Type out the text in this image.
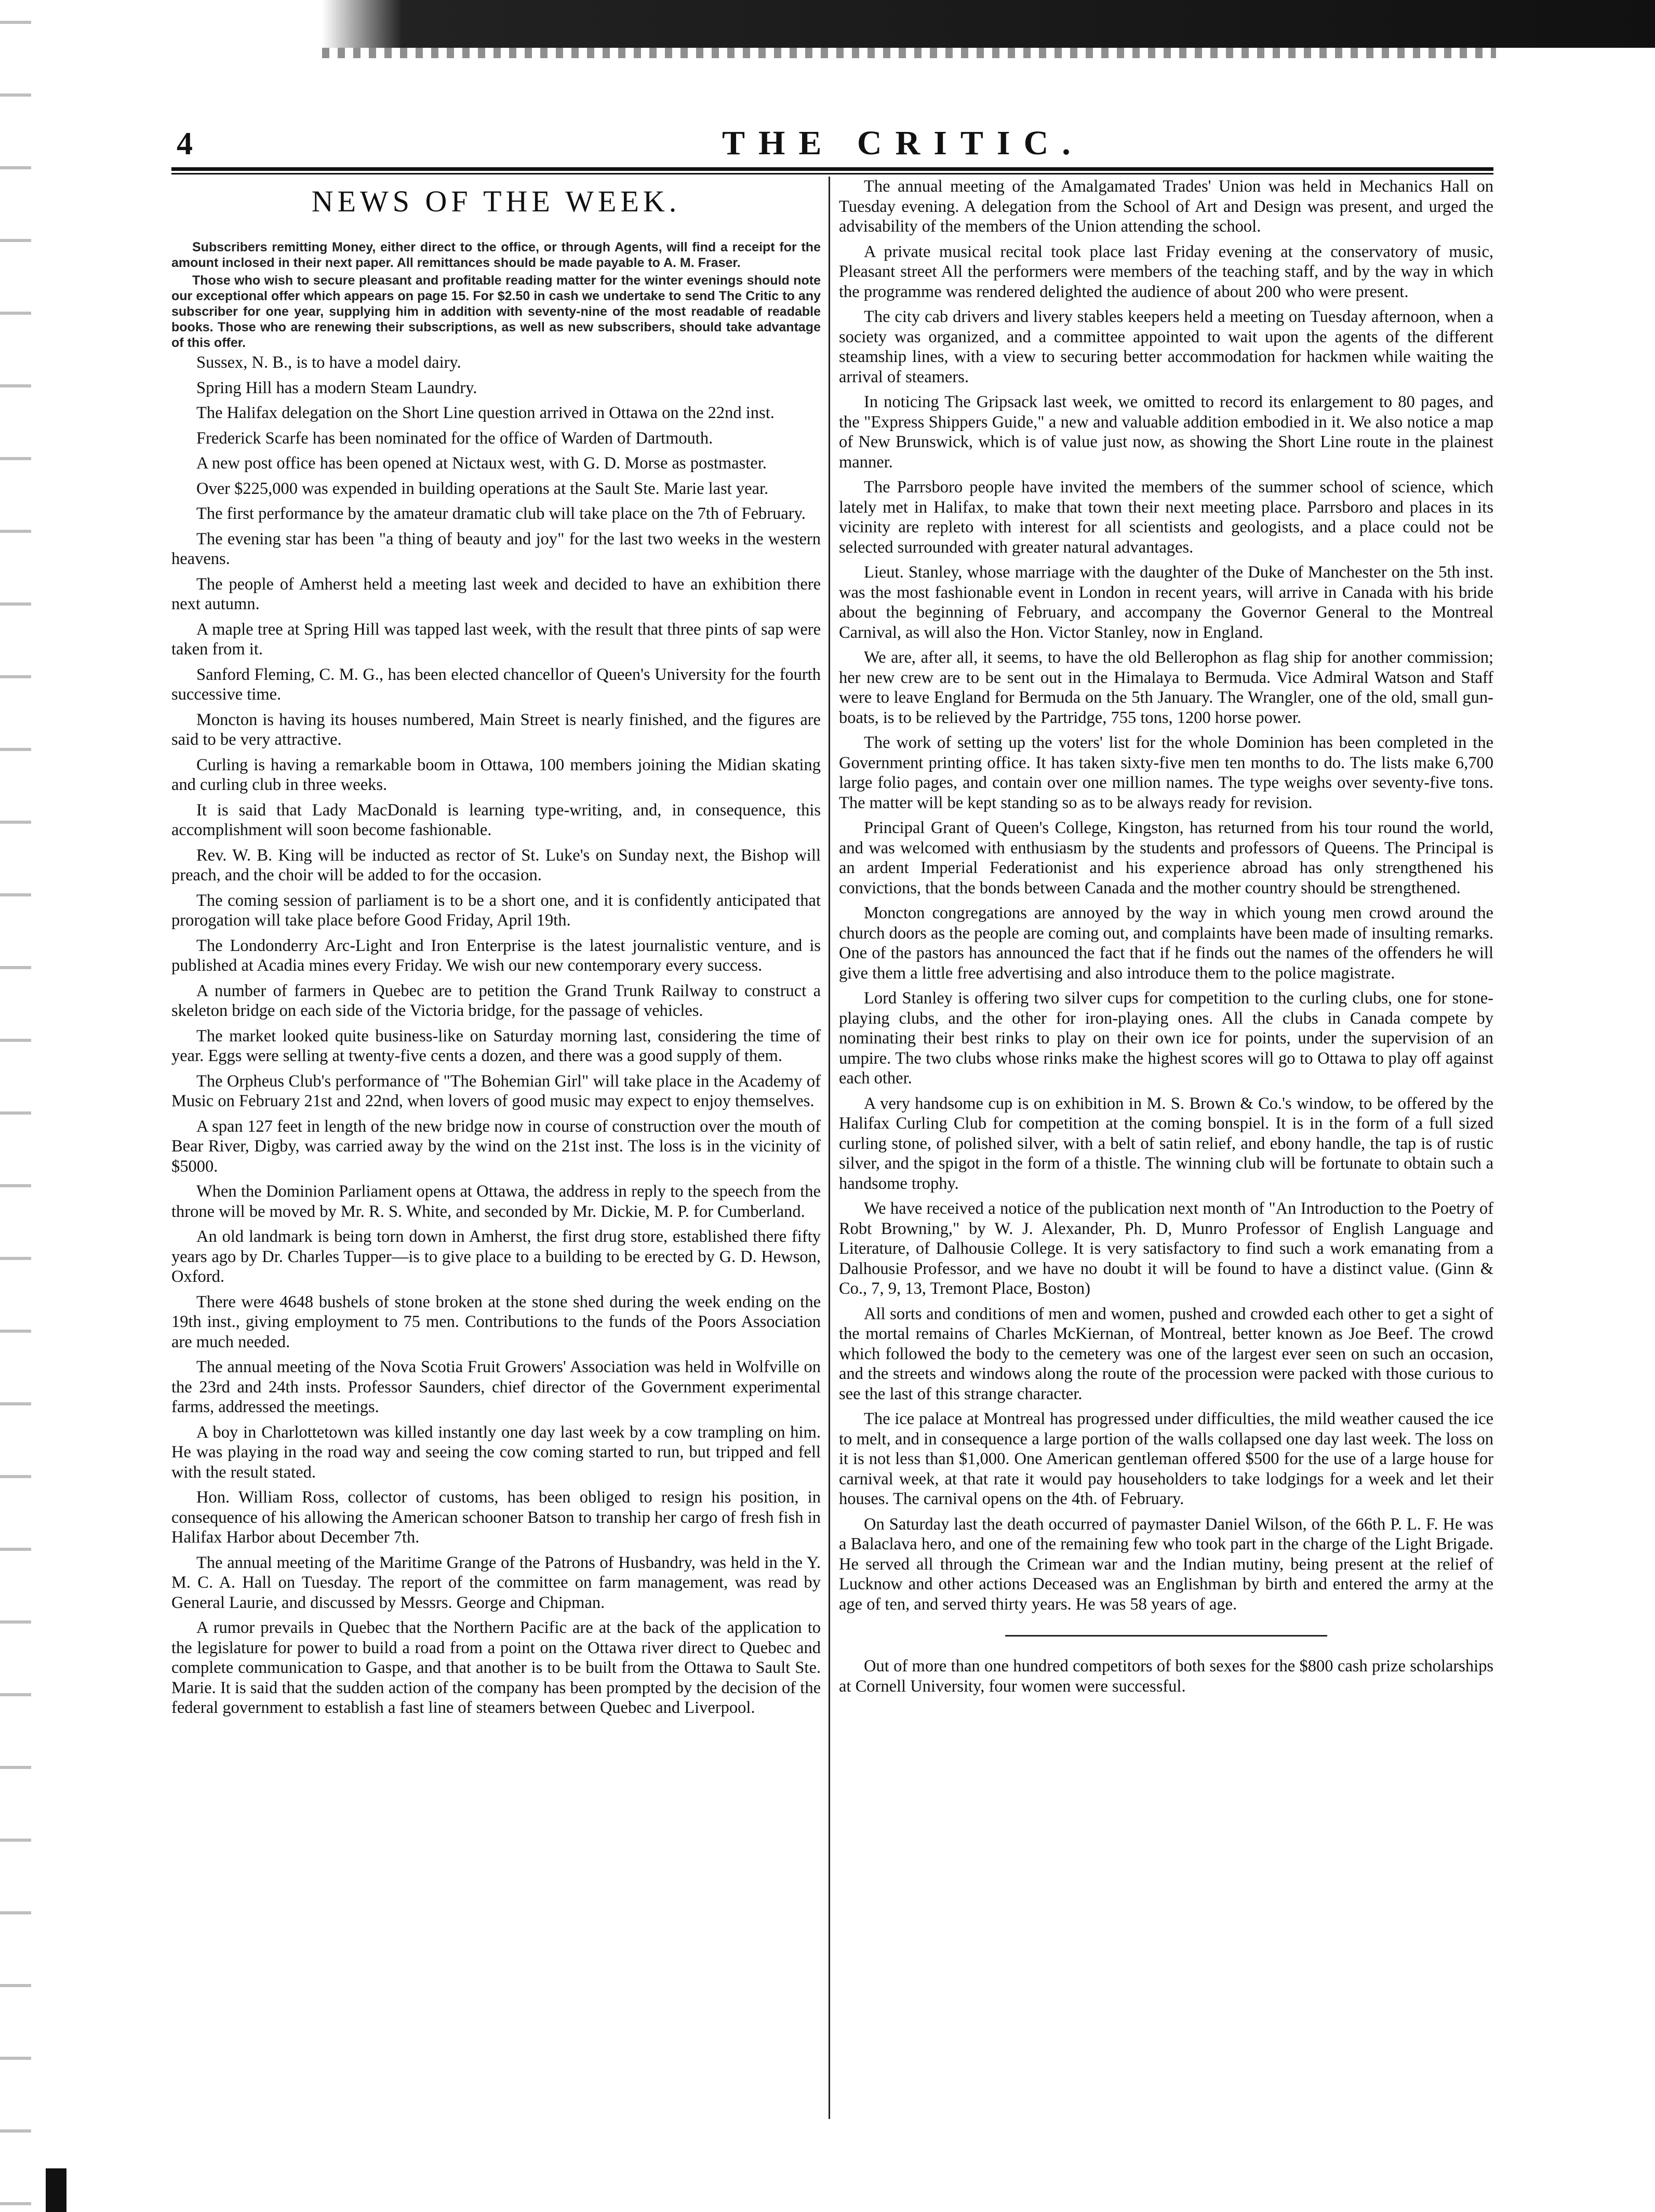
4	THE CRITIC.
NEWS OF THE WEEK.

Subscribers remitting Money, either direct to the office, or through Agents, will find a receipt for the amount inclosed in their next paper. All remittances should be made payable to A. M. Fraser.

Those who wish to secure pleasant and profitable reading matter for the winter evenings should note our exceptional offer which appears on page 15. For $2.50 in cash we undertake to send The Critic to any subscriber for one year, supplying him in addition with seventy-nine of the most readable of readable books. Those who are renewing their subscriptions, as well as new subscribers, should take advantage of this offer.

Sussex, N. B., is to have a model dairy.

Spring Hill has a modern Steam Laundry.

The Halifax delegation on the Short Line question arrived in Ottawa on the 22nd inst.

Frederick Scarfe has been nominated for the office of Warden of Dartmouth.

A new post office has been opened at Nictaux west, with G. D. Morse as postmaster.

Over $225,000 was expended in building operations at the Sault Ste. Marie last year.

The first performance by the amateur dramatic club will take place on the 7th of February.

The evening star has been "a thing of beauty and joy" for the last two weeks in the western heavens.

The people of Amherst held a meeting last week and decided to have an exhibition there next autumn.

A maple tree at Spring Hill was tapped last week, with the result that three pints of sap were taken from it.

Sanford Fleming, C. M. G., has been elected chancellor of Queen's University for the fourth successive time.

Moncton is having its houses numbered, Main Street is nearly finished, and the figures are said to be very attractive.

Curling is having a remarkable boom in Ottawa, 100 members joining the Midian skating and curling club in three weeks.

It is said that Lady MacDonald is learning type-writing, and, in consequence, this accomplishment will soon become fashionable.

Rev. W. B. King will be inducted as rector of St. Luke's on Sunday next, the Bishop will preach, and the choir will be added to for the occasion.

The coming session of parliament is to be a short one, and it is confidently anticipated that prorogation will take place before Good Friday, April 19th.

The Londonderry Arc-Light and Iron Enterprise is the latest journalistic venture, and is published at Acadia mines every Friday. We wish our new contemporary every success.

A number of farmers in Quebec are to petition the Grand Trunk Railway to construct a skeleton bridge on each side of the Victoria bridge, for the passage of vehicles.

The market looked quite business-like on Saturday morning last, considering the time of year. Eggs were selling at twenty-five cents a dozen, and there was a good supply of them.

The Orpheus Club's performance of "The Bohemian Girl" will take place in the Academy of Music on February 21st and 22nd, when lovers of good music may expect to enjoy themselves.

A span 127 feet in length of the new bridge now in course of construction over the mouth of Bear River, Digby, was carried away by the wind on the 21st inst. The loss is in the vicinity of $5000.

When the Dominion Parliament opens at Ottawa, the address in reply to the speech from the throne will be moved by Mr. R. S. White, and seconded by Mr. Dickie, M. P. for Cumberland.

An old landmark is being torn down in Amherst, the first drug store, established there fifty years ago by Dr. Charles Tupper—is to give place to a building to be erected by G. D. Hewson, Oxford.

There were 4648 bushels of stone broken at the stone shed during the week ending on the 19th inst., giving employment to 75 men. Contributions to the funds of the Poors Association are much needed.

The annual meeting of the Nova Scotia Fruit Growers' Association was held in Wolfville on the 23rd and 24th insts. Professor Saunders, chief director of the Government experimental farms, addressed the meetings.

A boy in Charlottetown was killed instantly one day last week by a cow trampling on him. He was playing in the road way and seeing the cow coming started to run, but tripped and fell with the result stated.

Hon. William Ross, collector of customs, has been obliged to resign his position, in consequence of his allowing the American schooner Batson to tranship her cargo of fresh fish in Halifax Harbor about December 7th.

The annual meeting of the Maritime Grange of the Patrons of Husbandry, was held in the Y. M. C. A. Hall on Tuesday. The report of the committee on farm management, was read by General Laurie, and discussed by Messrs. George and Chipman.

A rumor prevails in Quebec that the Northern Pacific are at the back of the application to the legislature for power to build a road from a point on the Ottawa river direct to Quebec and complete communication to Gaspe, and that another is to be built from the Ottawa to Sault Ste. Marie. It is said that the sudden action of the company has been prompted by the decision of the federal government to establish a fast line of steamers between Quebec and Liverpool.

The annual meeting of the Amalgamated Trades' Union was held in Mechanics Hall on Tuesday evening. A delegation from the School of Art and Design was present, and urged the advisability of the members of the Union attending the school.

A private musical recital took place last Friday evening at the conservatory of music, Pleasant street All the performers were members of the teaching staff, and by the way in which the programme was rendered delighted the audience of about 200 who were present.

The city cab drivers and livery stables keepers held a meeting on Tuesday afternoon, when a society was organized, and a committee appointed to wait upon the agents of the different steamship lines, with a view to securing better accommodation for hackmen while waiting the arrival of steamers.

In noticing The Gripsack last week, we omitted to record its enlargement to 80 pages, and the "Express Shippers Guide," a new and valuable addition embodied in it. We also notice a map of New Brunswick, which is of value just now, as showing the Short Line route in the plainest manner.

The Parrsboro people have invited the members of the summer school of science, which lately met in Halifax, to make that town their next meeting place. Parrsboro and places in its vicinity are repleto with interest for all scientists and geologists, and a place could not be selected surrounded with greater natural advantages.

Lieut. Stanley, whose marriage with the daughter of the Duke of Manchester on the 5th inst. was the most fashionable event in London in recent years, will arrive in Canada with his bride about the beginning of February, and accompany the Governor General to the Montreal Carnival, as will also the Hon. Victor Stanley, now in England.

We are, after all, it seems, to have the old Bellerophon as flag ship for another commission; her new crew are to be sent out in the Himalaya to Bermuda. Vice Admiral Watson and Staff were to leave England for Bermuda on the 5th January. The Wrangler, one of the old, small gun-boats, is to be relieved by the Partridge, 755 tons, 1200 horse power.

The work of setting up the voters' list for the whole Dominion has been completed in the Government printing office. It has taken sixty-five men ten months to do. The lists make 6,700 large folio pages, and contain over one million names. The type weighs over seventy-five tons. The matter will be kept standing so as to be always ready for revision.

Principal Grant of Queen's College, Kingston, has returned from his tour round the world, and was welcomed with enthusiasm by the students and professors of Queens. The Principal is an ardent Imperial Federationist and his experience abroad has only strengthened his convictions, that the bonds between Canada and the mother country should be strengthened.

Moncton congregations are annoyed by the way in which young men crowd around the church doors as the people are coming out, and complaints have been made of insulting remarks. One of the pastors has announced the fact that if he finds out the names of the offenders he will give them a little free advertising and also introduce them to the police magistrate.

Lord Stanley is offering two silver cups for competition to the curling clubs, one for stone-playing clubs, and the other for iron-playing ones. All the clubs in Canada compete by nominating their best rinks to play on their own ice for points, under the supervision of an umpire. The two clubs whose rinks make the highest scores will go to Ottawa to play off against each other.

A very handsome cup is on exhibition in M. S. Brown & Co.'s window, to be offered by the Halifax Curling Club for competition at the coming bonspiel. It is in the form of a full sized curling stone, of polished silver, with a belt of satin relief, and ebony handle, the tap is of rustic silver, and the spigot in the form of a thistle. The winning club will be fortunate to obtain such a handsome trophy.

We have received a notice of the publication next month of "An Introduction to the Poetry of Robt Browning," by W. J. Alexander, Ph. D, Munro Professor of English Language and Literature, of Dalhousie College. It is very satisfactory to find such a work emanating from a Dalhousie Professor, and we have no doubt it will be found to have a distinct value. (Ginn & Co., 7, 9, 13, Tremont Place, Boston)

All sorts and conditions of men and women, pushed and crowded each other to get a sight of the mortal remains of Charles McKiernan, of Montreal, better known as Joe Beef. The crowd which followed the body to the cemetery was one of the largest ever seen on such an occasion, and the streets and windows along the route of the procession were packed with those curious to see the last of this strange character.

The ice palace at Montreal has progressed under difficulties, the mild weather caused the ice to melt, and in consequence a large portion of the walls collapsed one day last week. The loss on it is not less than $1,000. One American gentleman offered $500 for the use of a large house for carnival week, at that rate it would pay householders to take lodgings for a week and let their houses. The carnival opens on the 4th. of February.

On Saturday last the death occurred of paymaster Daniel Wilson, of the 66th P. L. F. He was a Balaclava hero, and one of the remaining few who took part in the charge of the Light Brigade. He served all through the Crimean war and the Indian mutiny, being present at the relief of Lucknow and other actions Deceased was an Englishman by birth and entered the army at the age of ten, and served thirty years. He was 58 years of age.

Out of more than one hundred competitors of both sexes for the $800 cash prize scholarships at Cornell University, four women were successful.
